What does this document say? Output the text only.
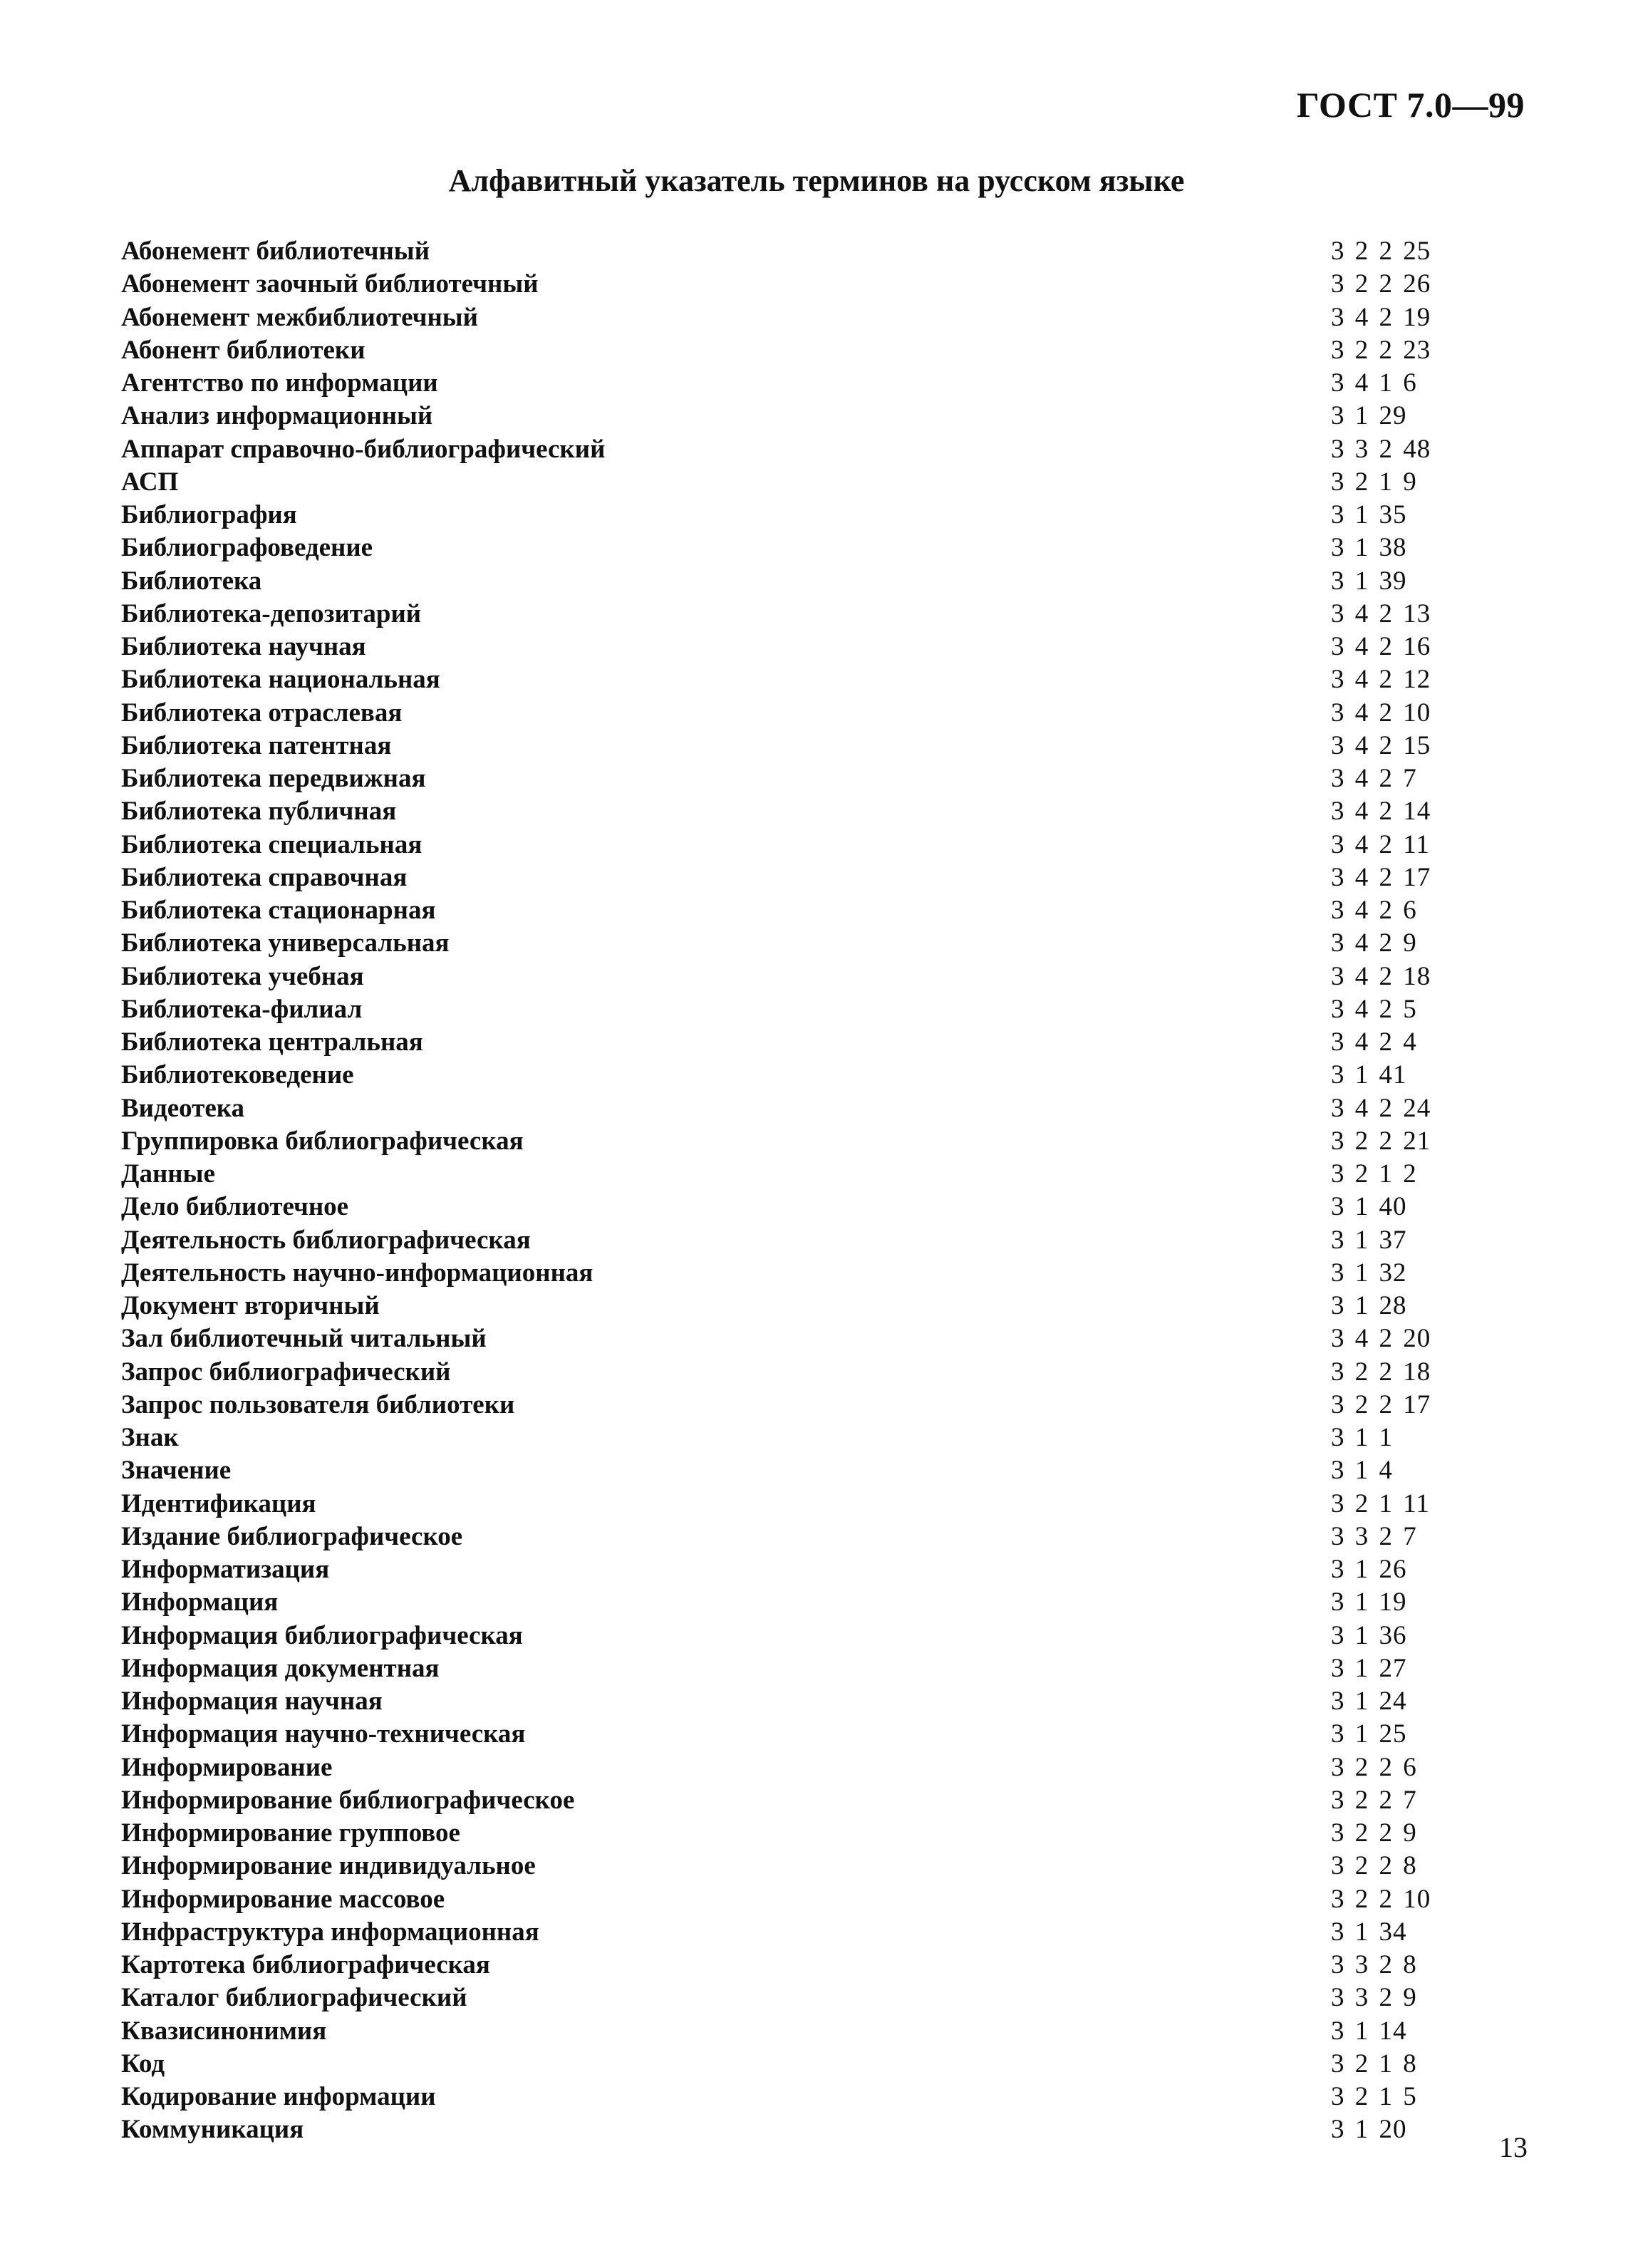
ГОСТ 7.0—99
Алфавитный указатель терминов на русском языке
Абонемент библиотечный	3 2 2 25
Абонемент заочный библиотечный	3 2 2 26
Абонемент межбиблиотечный	3 4 2 19
Абонент библиотеки	3 2 2 23
Агентство по информации	3 4 1 6
Анализ информационный	3 1 29
Аппарат справочно-библиографический	3 3 2 48
АСП	3 2 1 9
Библиография	3 1 35
Библиографоведение	3 1 38
Библиотека	3 1 39
Библиотека-депозитарий	3 4 2 13
Библиотека научная	3 4 2 16
Библиотека национальная	3 4 2 12
Библиотека отраслевая	3 4 2 10
Библиотека патентная	3 4 2 15
Библиотека передвижная	3 4 2 7
Библиотека публичная	3 4 2 14
Библиотека специальная	3 4 2 11
Библиотека справочная	3 4 2 17
Библиотека стационарная	3 4 2 6
Библиотека универсальная	3 4 2 9
Библиотека учебная	3 4 2 18
Библиотека-филиал	3 4 2 5
Библиотека центральная	3 4 2 4
Библиотековедение	3 1 41
Видеотека	3 4 2 24
Группировка библиографическая	3 2 2 21
Данные	3 2 1 2
Дело библиотечное	3 1 40
Деятельность библиографическая	3 1 37
Деятельность научно-информационная	3 1 32
Документ вторичный	3 1 28
Зал библиотечный читальный	3 4 2 20
Запрос библиографический	3 2 2 18
Запрос пользователя библиотеки	3 2 2 17
Знак	3 1 1
Значение	3 1 4
Идентификация	3 2 1 11
Издание библиографическое	3 3 2 7
Информатизация	3 1 26
Информация	3 1 19
Информация библиографическая	3 1 36
Информация документная	3 1 27
Информация научная	3 1 24
Информация научно-техническая	3 1 25
Информирование	3 2 2 6
Информирование библиографическое	3 2 2 7
Информирование групповое	3 2 2 9
Информирование индивидуальное	3 2 2 8
Информирование массовое	3 2 2 10
Инфраструктура информационная	3 1 34
Картотека библиографическая	3 3 2 8
Каталог библиографический	3 3 2 9
Квазисинонимия	3 1 14
Код	3 2 1 8
Кодирование информации	3 2 1 5
Коммуникация	3 1 20
13
